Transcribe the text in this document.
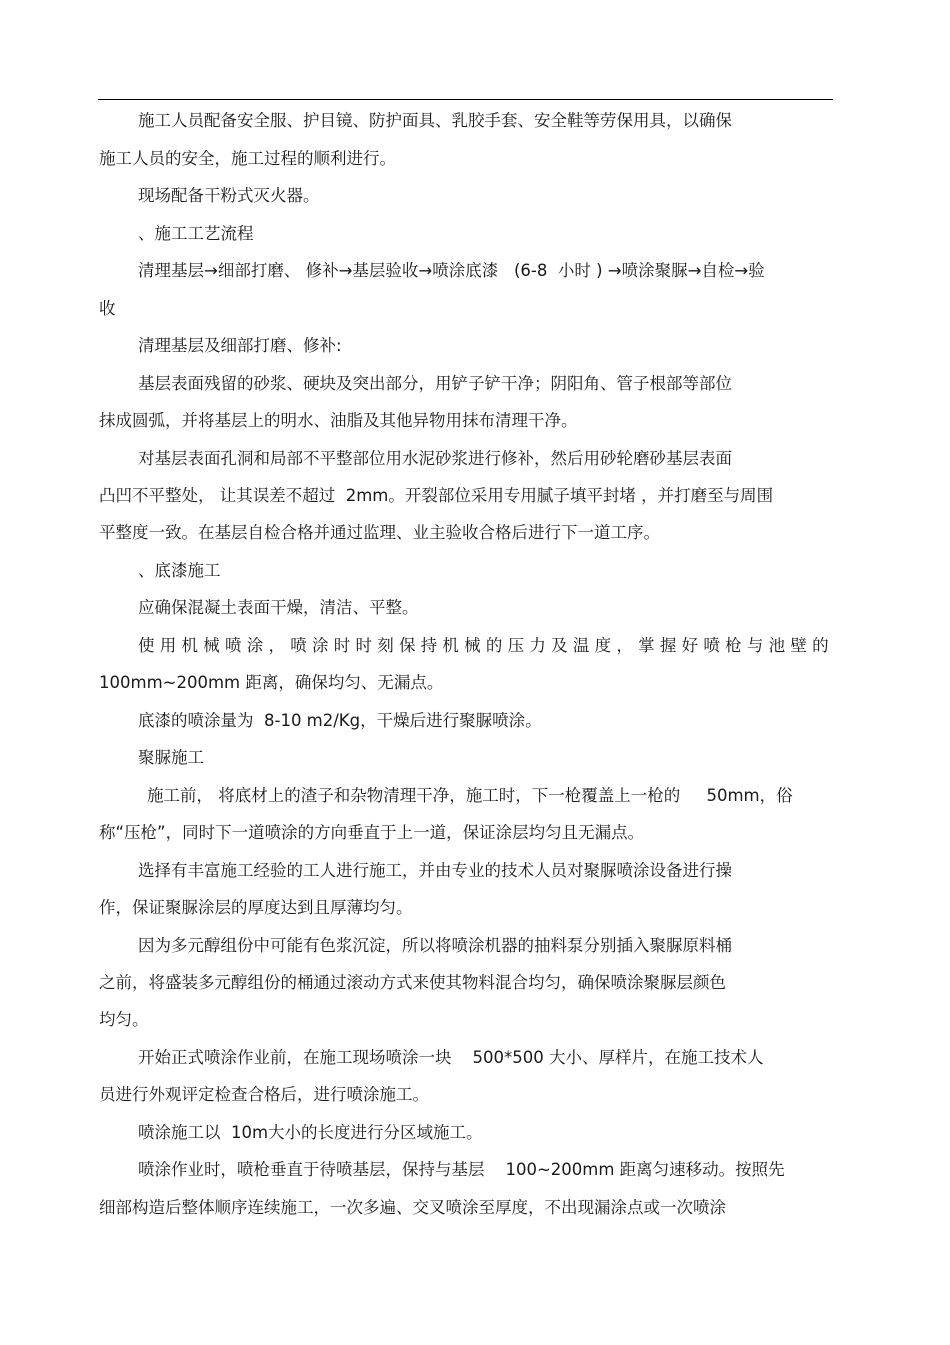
施工人员配备安全服、护目镜、防护面具、乳胶手套、安全鞋等劳保用具，以确保
施工人员的安全，施工过程的顺利进行。
现场配备干粉式灭火器。
、施工工艺流程
清理基层→细部打磨、 修补→基层验收→喷涂底漆   (6-8  小时 ) →喷涂聚脲→自检→验
收
清理基层及细部打磨、修补:
基层表面残留的砂浆、硬块及突出部分，用铲子铲干净；阴阳角、管子根部等部位
抹成圆弧，并将基层上的明水、油脂及其他异物用抹布清理干净。
对基层表面孔洞和局部不平整部位用水泥砂浆进行修补，然后用砂轮磨砂基层表面
凸凹不平整处， 让其误差不超过  2mm。开裂部位采用专用腻子填平封堵 ，并打磨至与周围
平整度一致。在基层自检合格并通过监理、业主验收合格后进行下一道工序。
、底漆施工
应确保混凝土表面干燥，清洁、平整。
使 用 机 械 喷 涂 ， 喷 涂 时 时 刻 保 持 机 械 的 压 力 及 温 度 ， 掌 握 好 喷 枪 与 池 壁 的
100mm~200mm 距离，确保均匀、无漏点。
底漆的喷涂量为  8-10 m2/Kg，干燥后进行聚脲喷涂。
聚脲施工
施工前， 将底材上的渣子和杂物清理干净，施工时，下一枪覆盖上一枪的     50mm，俗
称“压枪”，同时下一道喷涂的方向垂直于上一道，保证涂层均匀且无漏点。
选择有丰富施工经验的工人进行施工，并由专业的技术人员对聚脲喷涂设备进行操
作，保证聚脲涂层的厚度达到且厚薄均匀。
因为多元醇组份中可能有色浆沉淀，所以将喷涂机器的抽料泵分别插入聚脲原料桶
之前，将盛装多元醇组份的桶通过滚动方式来使其物料混合均匀，确保喷涂聚脲层颜色
均匀。
开始正式喷涂作业前，在施工现场喷涂一块    500*500 大小、厚样片，在施工技术人
员进行外观评定检查合格后，进行喷涂施工。
喷涂施工以  10m大小的长度进行分区域施工。
喷涂作业时，喷枪垂直于待喷基层，保持与基层    100~200mm 距离匀速移动。按照先
细部构造后整体顺序连续施工，一次多遍、交叉喷涂至厚度，不出现漏涂点或一次喷涂
